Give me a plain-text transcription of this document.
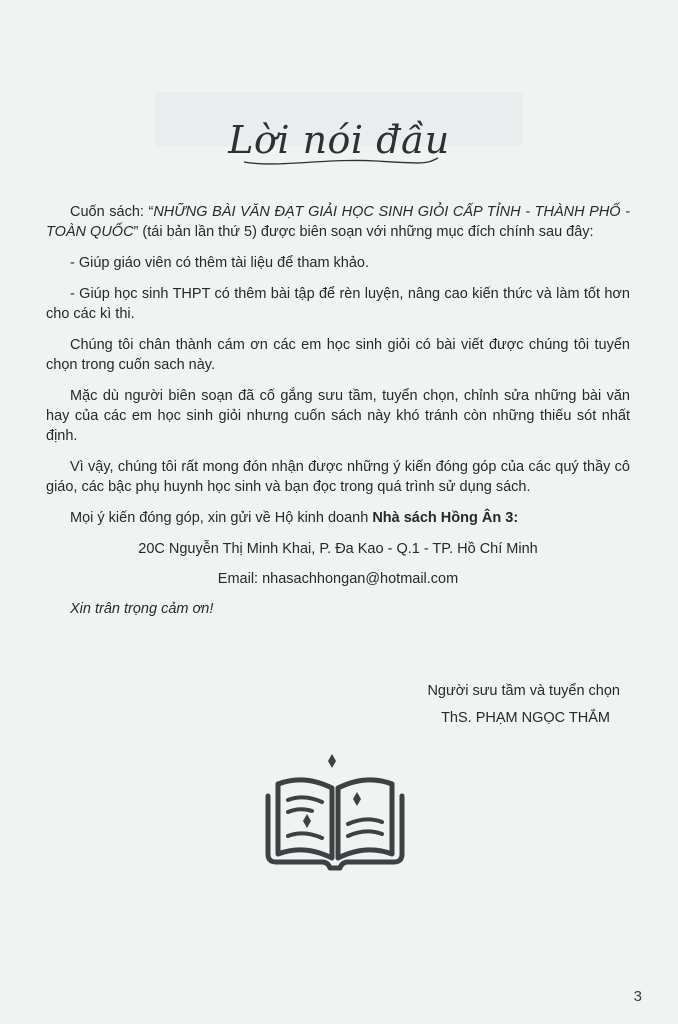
Lời nói đầu

Cuốn sách: “NHỮNG BÀI VĂN ĐẠT GIẢI HỌC SINH GIỎI CẤP TỈNH - THÀNH PHỐ - TOÀN QUỐC” (tái bản lần thứ 5) được biên soạn với những mục đích chính sau đây:

- Giúp giáo viên có thêm tài liệu để tham khảo.

- Giúp học sinh THPT có thêm bài tập để rèn luyện, nâng cao kiến thức và làm tốt hơn cho các kì thi.

Chúng tôi chân thành cám ơn các em học sinh giỏi có bài viết được chúng tôi tuyển chọn trong cuốn sach này.

Mặc dù người biên soạn đã cố gắng sưu tầm, tuyển chọn, chỉnh sửa những bài văn hay của các em học sinh giỏi nhưng cuốn sách này khó tránh còn những thiếu sót nhất định.

Vì vậy, chúng tôi rất mong đón nhận được những ý kiến đóng góp của các quý thầy cô giáo, các bậc phụ huynh học sinh và bạn đọc trong quá trình sử dụng sách.

Mọi ý kiến đóng góp, xin gửi về Hộ kinh doanh Nhà sách Hồng Ân 3:

20C Nguyễn Thị Minh Khai, P. Đa Kao - Q.1 - TP. Hồ Chí Minh

Email: nhasachhongan@hotmail.com

Xin trân trọng cảm ơn!

Người sưu tầm và tuyển chọn
ThS. PHẠM NGỌC THẮM
3
